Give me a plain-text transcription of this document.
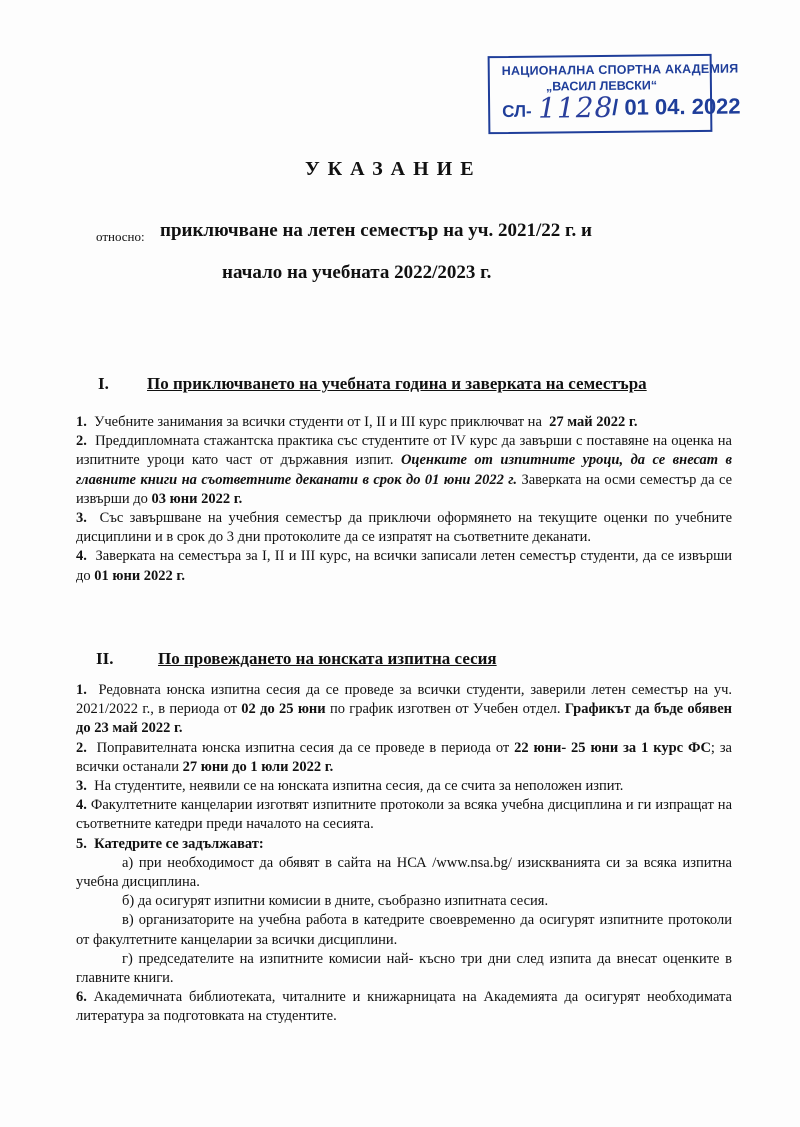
НАЦИОНАЛНА СПОРТНА АКАДЕМИЯ
„ВАСИЛ ЛЕВСКИ“
СЛ- 1128
/ 01 04. 2022
УКАЗАНИЕ
относно: приключване на летен семестър на уч. 2021/22 г. и
начало на учебната 2022/2023 г.
I. По приключването на учебната година и заверката на семестъра

1. Учебните занимания за всички студенти от I, II и III курс приключват на 27 май 2022 г.

2. Преддипломната стажантска практика със студентите от IV курс да завърши с поставяне на оценка на изпитните уроци като част от държавния изпит. Оценките от изпитните уроци, да се внесат в главните книги на съответните деканати в срок до 01 юни 2022 г. Заверката на осми семестър да се извърши до 03 юни 2022 г.

3. Със завършване на учебния семестър да приключи оформянето на текущите оценки по учебните дисциплини и в срок до 3 дни протоколите да се изпратят на съответните деканати.

4. Заверката на семестъра за I, II и III курс, на всички записали летен семестър студенти, да се извърши до 01 юни 2022 г.

II.	По провеждането на юнската изпитна сесия

1. Редовната юнска изпитна сесия да се проведе за всички студенти, заверили летен семестър на уч. 2021/2022 г., в периода от 02 до 25 юни по график изготвен от Учебен отдел. Графикът да бъде обявен до 23 май 2022 г.

2. Поправителната юнска изпитна сесия да се проведе в периода от 22 юни- 25 юни за 1 курс ФС; за всички останали 27 юни до 1 юли 2022 г.

3. На студентите, неявили се на юнската изпитна сесия, да се счита за неположен изпит.

4. Факултетните канцеларии изготвят изпитните протоколи за всяка учебна дисциплина и ги изпращат на съответните катедри преди началото на сесията.

5. Катедрите се задължават:

а) при необходимост да обявят в сайта на НСА /www.nsa.bg/ изискванията си за всяка изпитна учебна дисциплина.

б) да осигурят изпитни комисии в дните, съобразно изпитната сесия.

в) организаторите на учебна работа в катедрите своевременно да осигурят изпитните протоколи от факултетните канцеларии за всички дисциплини.

г) председателите на изпитните комисии най- късно три дни след изпита да внесат оценките в главните книги.

6. Академичната библиотеката, читалните и книжарницата на Академията да осигурят необходимата литература за подготовката на студентите.
